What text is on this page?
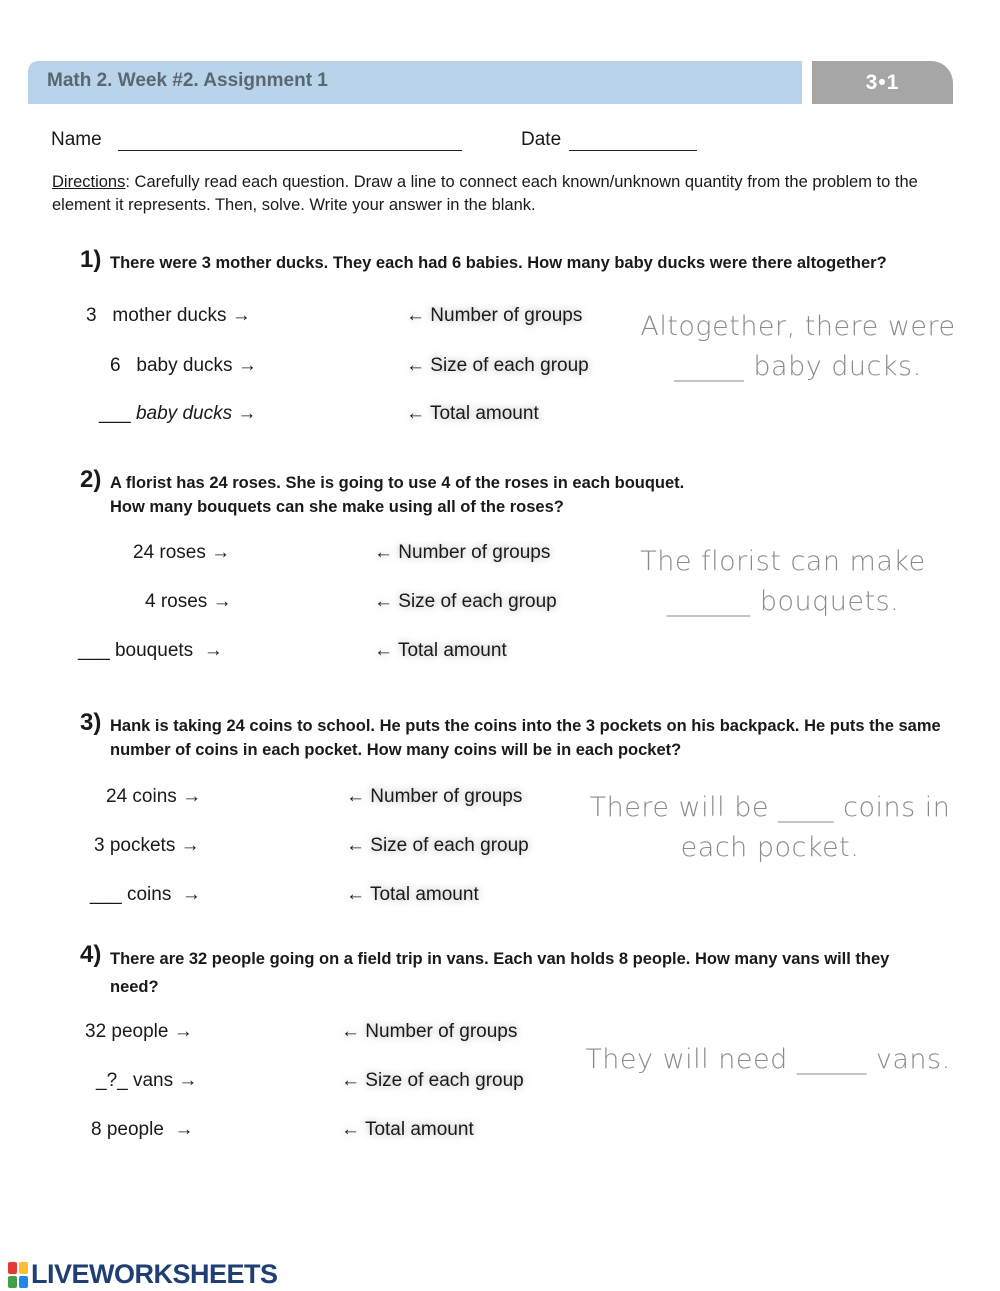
Math 2. Week #2. Assignment 1	3•1
Name	Date
Directions: Carefully read each question. Draw a line to connect each known/unknown quantity from the problem to the element it represents. Then, solve. Write your answer in the blank.
1) There were 3 mother ducks. They each had 6 babies. How many baby ducks were there altogether?
3 mother ducks →
6 baby ducks →
___ baby ducks →
← Number of groups
← Size of each group
← Total amount
Altogether, there were
_____ baby ducks.
2) A florist has 24 roses. She is going to use 4 of the roses in each bouquet.
How many bouquets can she make using all of the roses?
24 roses →
4 roses →
___ bouquets →
← Number of groups
← Size of each group
← Total amount
The florist can make
______ bouquets.
3) Hank is taking 24 coins to school. He puts the coins into the 3 pockets on his backpack. He puts the same
number of coins in each pocket. How many coins will be in each pocket?
24 coins →
3 pockets →
___ coins →
← Number of groups
← Size of each group
← Total amount
There will be ____ coins in
each pocket.
4) There are 32 people going on a field trip in vans. Each van holds 8 people. How many vans will they
need?
32 people →
_?_ vans →
8 people →
← Number of groups
← Size of each group
← Total amount
They will need _____ vans.
LIVEWORKSHEETS
